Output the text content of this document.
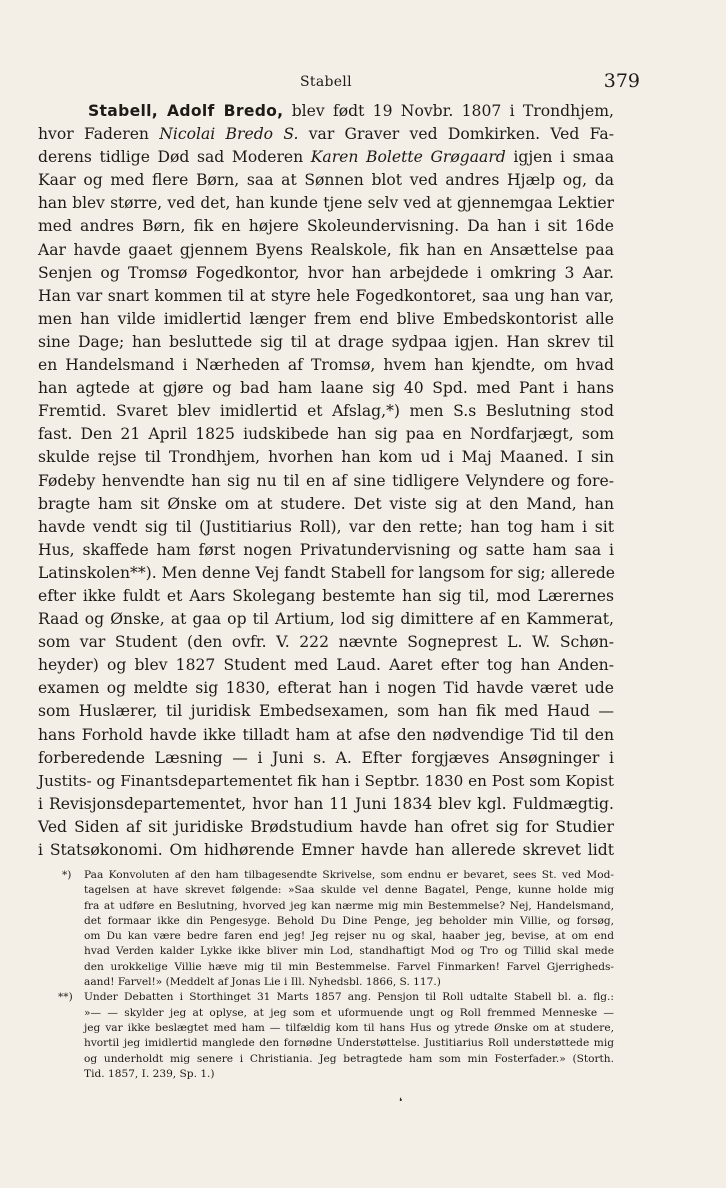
Stabell	379
Stabell, Adolf Bredo, blev født 19 Novbr. 1807 i Trondhjem,
hvor Faderen Nicolai Bredo S. var Graver ved Domkirken. Ved Fa-
derens tidlige Død sad Moderen Karen Bolette Grøgaard igjen i smaa
Kaar og med flere Børn, saa at Sønnen blot ved andres Hjælp og, da
han blev større, ved det, han kunde tjene selv ved at gjennemgaa Lektier
med andres Børn, fik en højere Skoleundervisning. Da han i sit 16de
Aar havde gaaet gjennem Byens Realskole, fik han en Ansættelse paa
Senjen og Tromsø Fogedkontor, hvor han arbejdede i omkring 3 Aar.
Han var snart kommen til at styre hele Fogedkontoret, saa ung han var,
men han vilde imidlertid længer frem end blive Embedskontorist alle
sine Dage; han besluttede sig til at drage sydpaa igjen. Han skrev til
en Handelsmand i Nærheden af Tromsø, hvem han kjendte, om hvad
han agtede at gjøre og bad ham laane sig 40 Spd. med Pant i hans
Fremtid. Svaret blev imidlertid et Afslag,*) men S.s Beslutning stod
fast. Den 21 April 1825 iudskibede han sig paa en Nordfarjægt, som
skulde rejse til Trondhjem, hvorhen han kom ud i Maj Maaned. I sin
Fødeby henvendte han sig nu til en af sine tidligere Velyndere og fore-
bragte ham sit Ønske om at studere. Det viste sig at den Mand, han
havde vendt sig til (Justitiarius Roll), var den rette; han tog ham i sit
Hus, skaffede ham først nogen Privatundervisning og satte ham saa i
Latinskolen**). Men denne Vej fandt Stabell for langsom for sig; allerede
efter ikke fuldt et Aars Skolegang bestemte han sig til, mod Lærernes
Raad og Ønske, at gaa op til Artium, lod sig dimittere af en Kammerat,
som var Student (den ovfr. V. 222 nævnte Sogneprest L. W. Schøn-
heyder) og blev 1827 Student med Laud. Aaret efter tog han Anden-
examen og meldte sig 1830, efterat han i nogen Tid havde været ude
som Huslærer, til juridisk Embedsexamen, som han fik med Haud —
hans Forhold havde ikke tilladt ham at afse den nødvendige Tid til den
forberedende Læsning — i Juni s. A. Efter forgjæves Ansøgninger i
Justits- og Finantsdepartementet fik han i Septbr. 1830 en Post som Kopist
i Revisjonsdepartementet, hvor han 11 Juni 1834 blev kgl. Fuldmægtig.
Ved Siden af sit juridiske Brødstudium havde han ofret sig for Studier
i Statsøkonomi. Om hidhørende Emner havde han allerede skrevet lidt
*)	Paa Konvoluten af den ham tilbagesendte Skrivelse, som endnu er bevaret, sees St. ved Mod-
tagelsen at have skrevet følgende: »Saa skulde vel denne Bagatel, Penge, kunne holde mig
fra at udføre en Beslutning, hvorved jeg kan nærme mig min Bestemmelse? Nej, Handelsmand,
det formaar ikke din Pengesyge. Behold Du Dine Penge, jeg beholder min Villie, og forsøg,
om Du kan være bedre faren end jeg! Jeg rejser nu og skal, haaber jeg, bevise, at om end
hvad Verden kalder Lykke ikke bliver min Lod, standhaftigt Mod og Tro og Tillid skal mede
den urokkelige Villie hæve mig til min Bestemmelse. Farvel Finmarken! Farvel Gjerrigheds-
aand! Farvel!» (Meddelt af Jonas Lie i Ill. Nyhedsbl. 1866, S. 117.)
**)	Under Debatten i Storthinget 31 Marts 1857 ang. Pensjon til Roll udtalte Stabell bl. a. flg.:
»— — skylder jeg at oplyse, at jeg som et uformuende ungt og Roll fremmed Menneske —
jeg var ikke beslægtet med ham — tilfældig kom til hans Hus og ytrede Ønske om at studere,
hvortil jeg imidlertid manglede den fornødne Understøttelse. Justitiarius Roll understøttede mig
og underholdt mig senere i Christiania. Jeg betragtede ham som min Fosterfader.» (Storth.
Tid. 1857, I. 239, Sp. 1.)
❛
